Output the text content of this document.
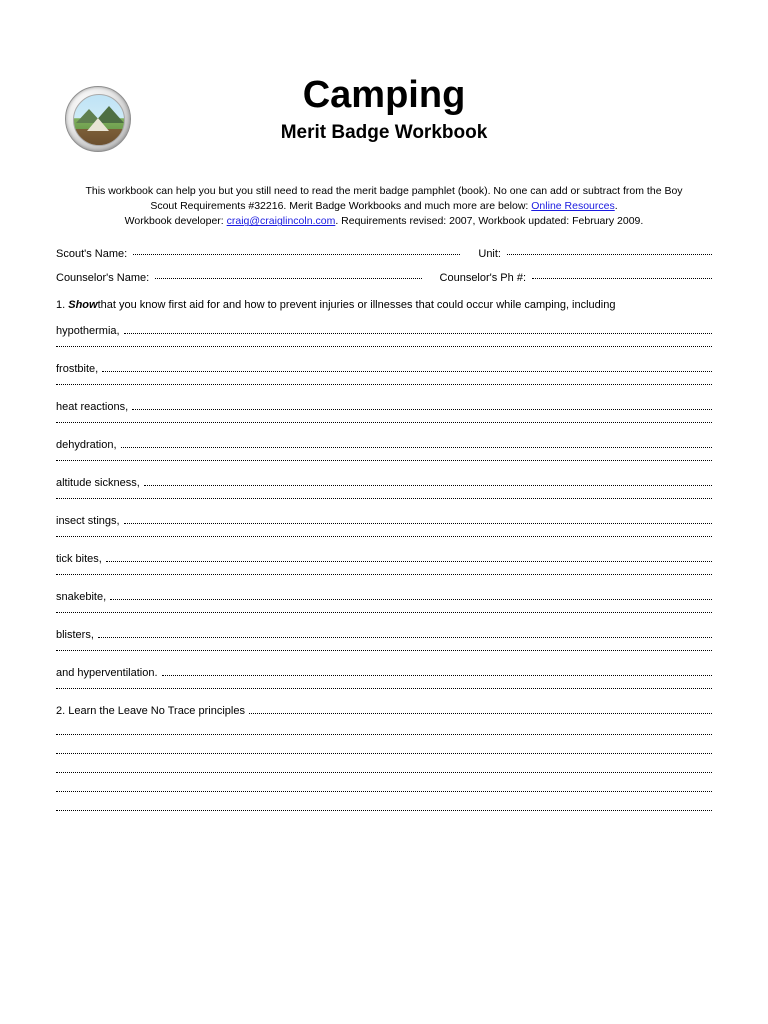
Camping
Merit Badge Workbook
This workbook can help you but you still need to read the merit badge pamphlet (book). No one can add or subtract from the Boy
Scout Requirements #32216. Merit Badge Workbooks and much more are below: Online Resources.
Workbook developer: craig@craiglincoln.com. Requirements revised: 2007, Workbook updated: February 2009.
Scout's Name:	Unit:
Counselor's Name:	Counselor's Ph #:
1. Showthat you know first aid for and how to prevent injuries or illnesses that could occur while camping, including
hypothermia,
frostbite,
heat reactions,
dehydration,
altitude sickness,
insect stings,
tick bites,
snakebite,
blisters,
and hyperventilation.
2. Learn the Leave No Trace principles
